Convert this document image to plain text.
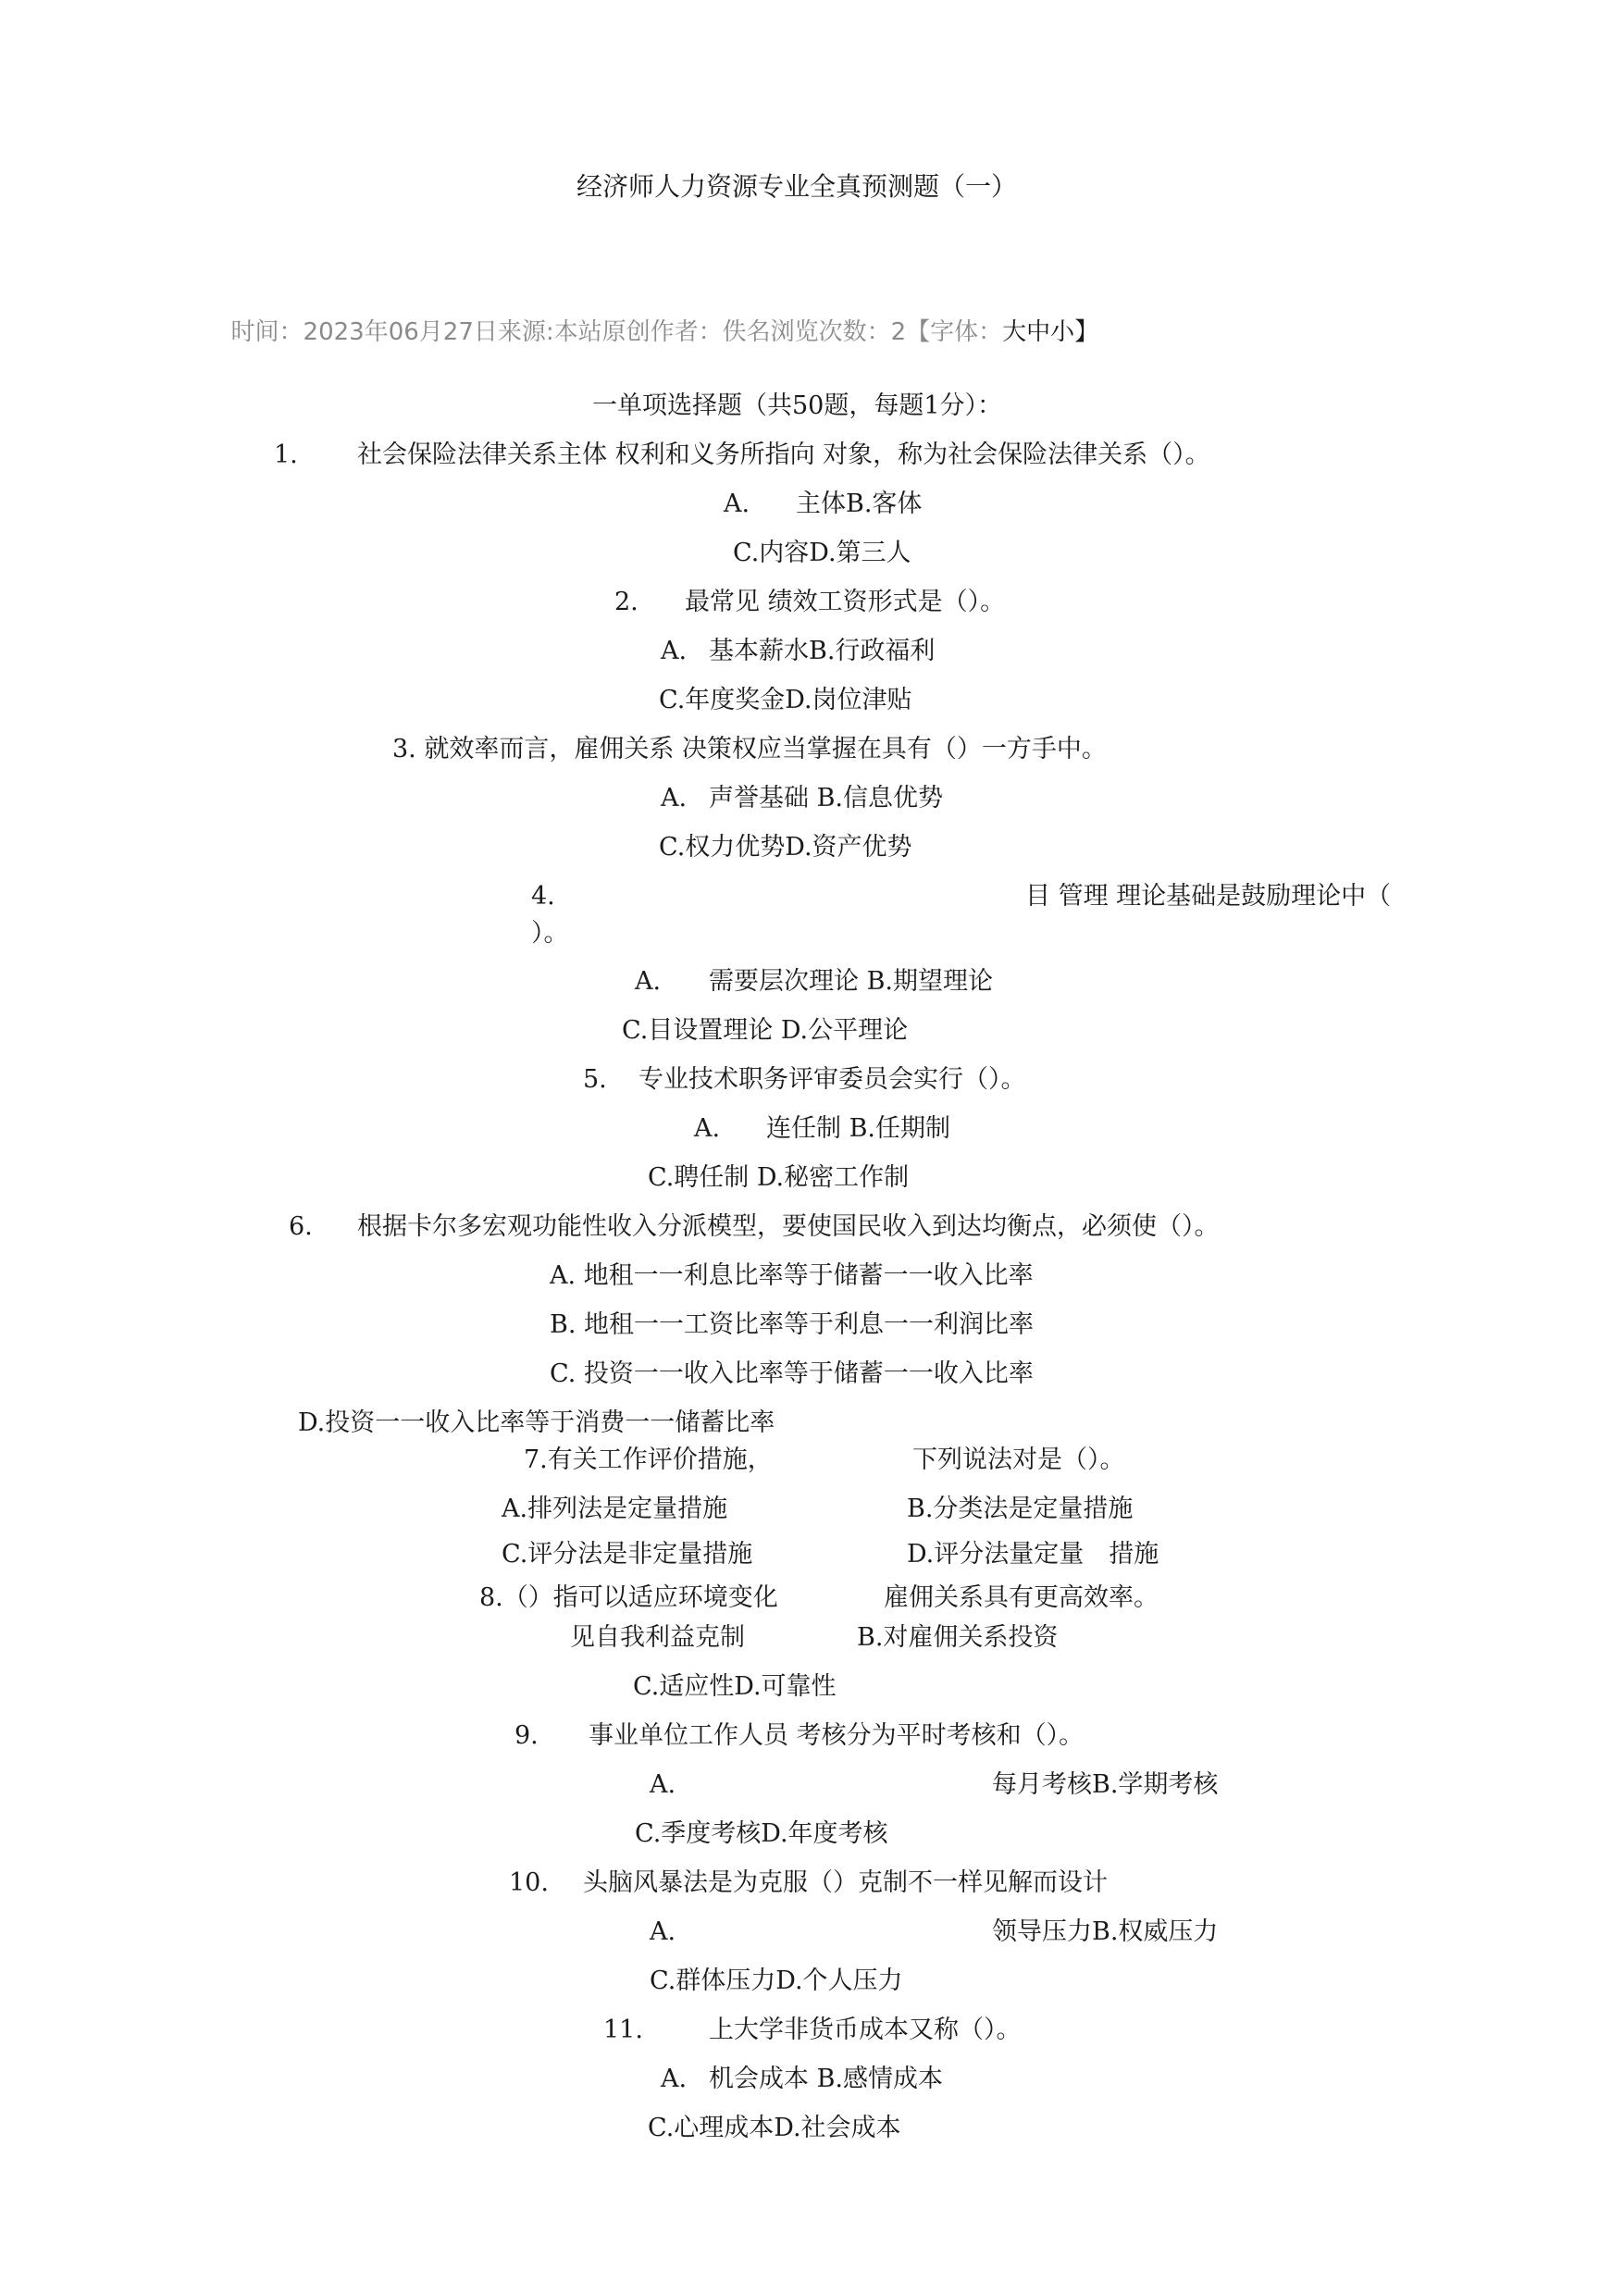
经济师人力资源专业全真预测题（一）

时间：2023年06月27日来源:本站原创作者：佚名浏览次数：2【字体：大中小】

一单项选择题（共50题，每题1分）：
1. 社会保险法律关系主体 权利和义务所指向 对象，称为社会保险法律关系（）。
A. 主体B.客体
C.内容D.第三人
2. 最常见 绩效工资形式是（）。
A. 基本薪水B.行政福利
C.年度奖金D.岗位津贴
3. 就效率而言，雇佣关系 决策权应当掌握在具有（）一方手中。
A. 声誉基础 B.信息优势
C.权力优势D.资产优势
4.	目 管理 理论基础是鼓励理论中（
）。
A. 需要层次理论 B.期望理论
C.目设置理论 D.公平理论
5. 专业技术职务评审委员会实行（）。
A. 连任制 B.任期制
C.聘任制 D.秘密工作制
6. 根据卡尔多宏观功能性收入分派模型，要使国民收入到达均衡点，必须使（）。
A. 地租一一利息比率等于储蓄一一收入比率
B. 地租一一工资比率等于利息一一利润比率
C. 投资一一收入比率等于储蓄一一收入比率
D.投资一一收入比率等于消费一一储蓄比率
7.有关工作评价措施，	下列说法对是（）。
A.排列法是定量措施	B.分类法是定量措施
C.评分法是非定量措施	D.评分法量定量　措施
8.（）指可以适应环境变化	雇佣关系具有更高效率。
见自我利益克制	B.对雇佣关系投资
C.适应性D.可靠性
9. 事业单位工作人员 考核分为平时考核和（）。
A.	每月考核B.学期考核
C.季度考核D.年度考核
10. 头脑风暴法是为克服（）克制不一样见解而设计
A.	领导压力B.权威压力
C.群体压力D.个人压力
11.	上大学非货币成本又称（）。
A. 机会成本 B.感情成本
C.心理成本D.社会成本
